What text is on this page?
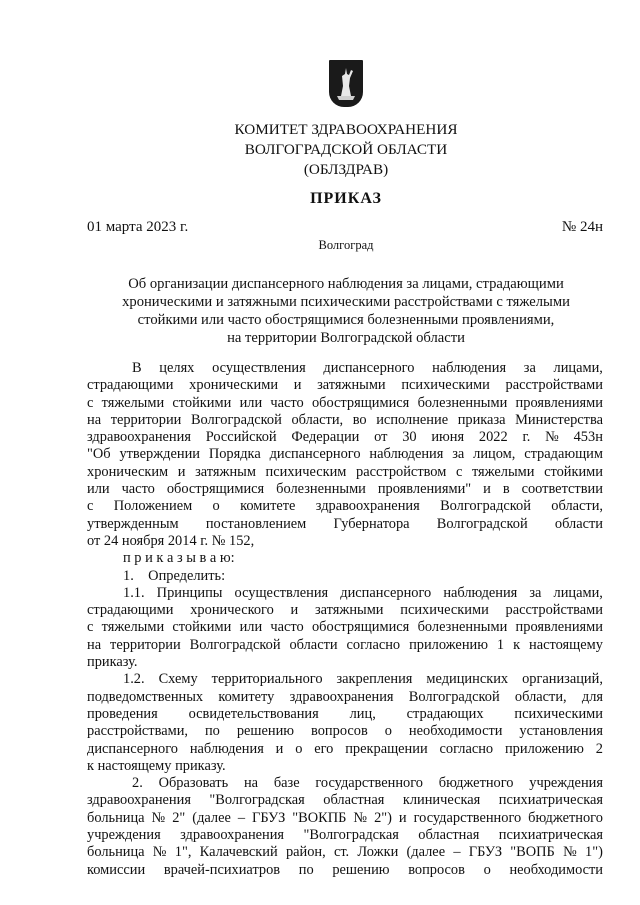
КОМИТЕТ ЗДРАВООХРАНЕНИЯ
ВОЛГОГРАДСКОЙ ОБЛАСТИ
(ОБЛЗДРАВ)
ПРИКАЗ
01 марта 2023 г.	№ 24н
Волгоград
Об организации диспансерного наблюдения за лицами, страдающими
хроническими и затяжными психическими расстройствами с тяжелыми
стойкими или часто обострящимися болезненными проявлениями,
на территории Волгоградской области
В целях осуществления диспансерного наблюдения за лицами,
страдающими хроническими и затяжными психическими расстройствами
с тяжелыми стойкими или часто обострящимися болезненными проявлениями
на территории Волгоградской области, во исполнение приказа Министерства
здравоохранения Российской Федерации от 30 июня 2022 г. № 453н
"Об утверждении Порядка диспансерного наблюдения за лицом, страдающим
хроническим и затяжным психическим расстройством с тяжелыми стойкими
или часто обострящимися болезненными проявлениями" и в соответствии
с Положением о комитете здравоохранения Волгоградской области,
утвержденным постановлением Губернатора Волгоградской области
от 24 ноября 2014 г. № 152,
п р и к а з ы в а ю:
1.    Определить:
1.1. Принципы осуществления диспансерного наблюдения за лицами,
страдающими хронического и затяжными психическими расстройствами
с тяжелыми стойкими или часто обострящимися болезненными проявлениями
на территории Волгоградской области согласно приложению 1 к настоящему
приказу.
1.2. Схему территориального закрепления медицинских организаций,
подведомственных комитету здравоохранения Волгоградской области, для
проведения освидетельствования лиц, страдающих психическими
расстройствами, по решению вопросов о необходимости установления
диспансерного наблюдения и о его прекращении согласно приложению 2
к настоящему приказу.
2. Образовать на базе государственного бюджетного учреждения
здравоохранения "Волгоградская областная клиническая психиатрическая
больница № 2" (далее – ГБУЗ "ВОКПБ № 2") и государственного бюджетного
учреждения здравоохранения "Волгоградская областная психиатрическая
больница № 1", Калачевский район, ст. Ложки (далее – ГБУЗ "ВОПБ № 1")
комиссии врачей-психиатров по решению вопросов о необходимости
